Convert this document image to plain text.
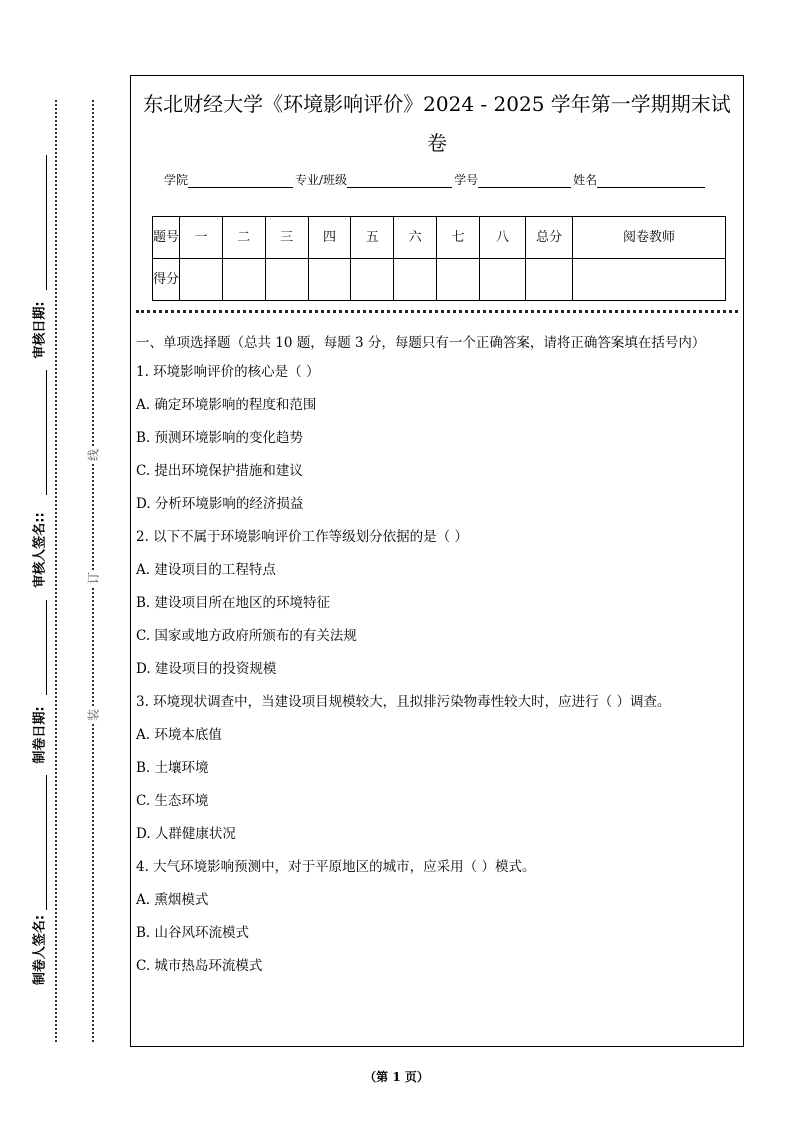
审核日期:
审核人签名::
制卷日期:
制卷人签名:
线
订
装
东北财经大学《环境影响评价》2024 - 2025 学年第一学期期末试
卷
学院	专业/班级	学号	姓名
题号	一	二	三	四	五	六	七	八	总分	阅卷教师
得分										
一、单项选择题（总共 10 题，每题 3 分，每题只有一个正确答案，请将正确答案填在括号内）
1. 环境影响评价的核心是（ ）
A. 确定环境影响的程度和范围
B. 预测环境影响的变化趋势
C. 提出环境保护措施和建议
D. 分析环境影响的经济损益
2. 以下不属于环境影响评价工作等级划分依据的是（ ）
A. 建设项目的工程特点
B. 建设项目所在地区的环境特征
C. 国家或地方政府所颁布的有关法规
D. 建设项目的投资规模
3. 环境现状调查中，当建设项目规模较大，且拟排污染物毒性较大时，应进行（ ）调查。
A. 环境本底值
B. 土壤环境
C. 生态环境
D. 人群健康状况
4. 大气环境影响预测中，对于平原地区的城市，应采用（ ）模式。
A. 熏烟模式
B. 山谷风环流模式
C. 城市热岛环流模式
（第 1 页）
